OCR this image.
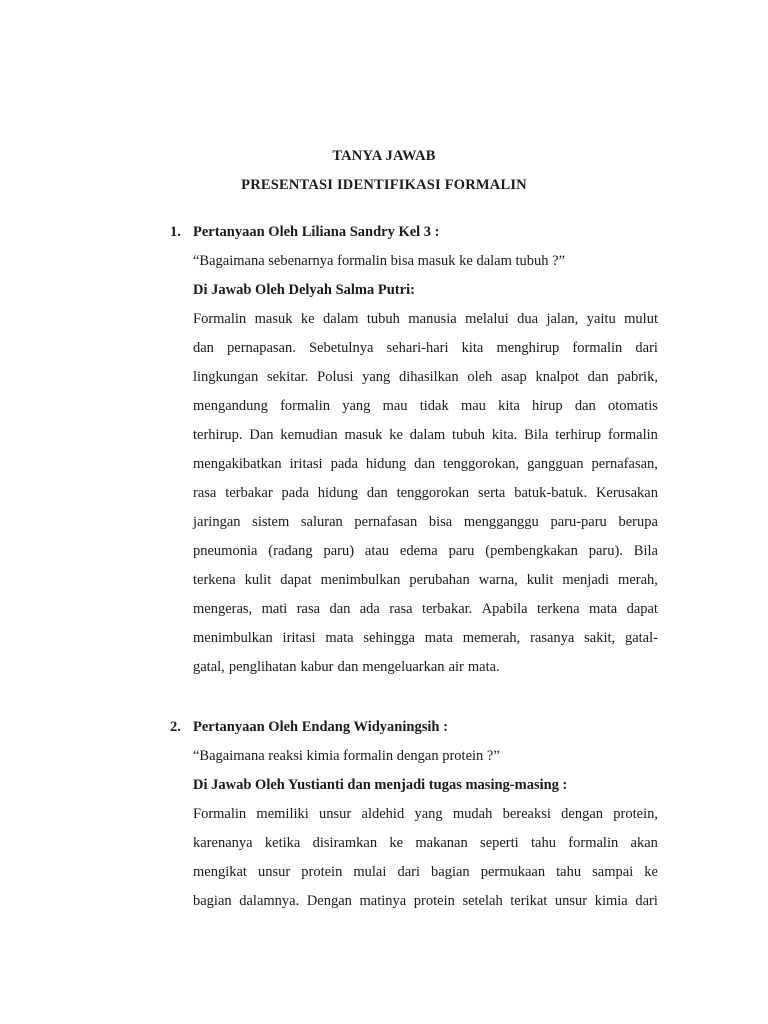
TANYA JAWAB
PRESENTASI IDENTIFIKASI FORMALIN
1. Pertanyaan Oleh Liliana Sandry Kel 3 :
“Bagaimana sebenarnya formalin bisa masuk ke dalam tubuh ?”
Di Jawab Oleh Delyah Salma Putri:
Formalin masuk ke dalam tubuh manusia melalui dua jalan, yaitu mulut
dan pernapasan. Sebetulnya sehari-hari kita menghirup formalin dari
lingkungan sekitar. Polusi yang dihasilkan oleh asap knalpot dan pabrik,
mengandung formalin yang mau tidak mau kita hirup dan otomatis
terhirup. Dan kemudian masuk ke dalam tubuh kita. Bila terhirup formalin
mengakibatkan iritasi pada hidung dan tenggorokan, gangguan pernafasan,
rasa terbakar pada hidung dan tenggorokan serta batuk-batuk. Kerusakan
jaringan sistem saluran pernafasan bisa mengganggu paru-paru berupa
pneumonia (radang paru) atau edema paru (pembengkakan paru). Bila
terkena kulit dapat menimbulkan perubahan warna, kulit menjadi merah,
mengeras, mati rasa dan ada rasa terbakar. Apabila terkena mata dapat
menimbulkan iritasi mata sehingga mata memerah, rasanya sakit, gatal-
gatal, penglihatan kabur dan mengeluarkan air mata.
2. Pertanyaan Oleh Endang Widyaningsih :
“Bagaimana reaksi kimia formalin dengan protein ?”
Di Jawab Oleh Yustianti dan menjadi tugas masing-masing :
Formalin memiliki unsur aldehid yang mudah bereaksi dengan protein,
karenanya ketika disiramkan ke makanan seperti tahu formalin akan
mengikat unsur protein mulai dari bagian permukaan tahu sampai ke
bagian dalamnya. Dengan matinya protein setelah terikat unsur kimia dari
